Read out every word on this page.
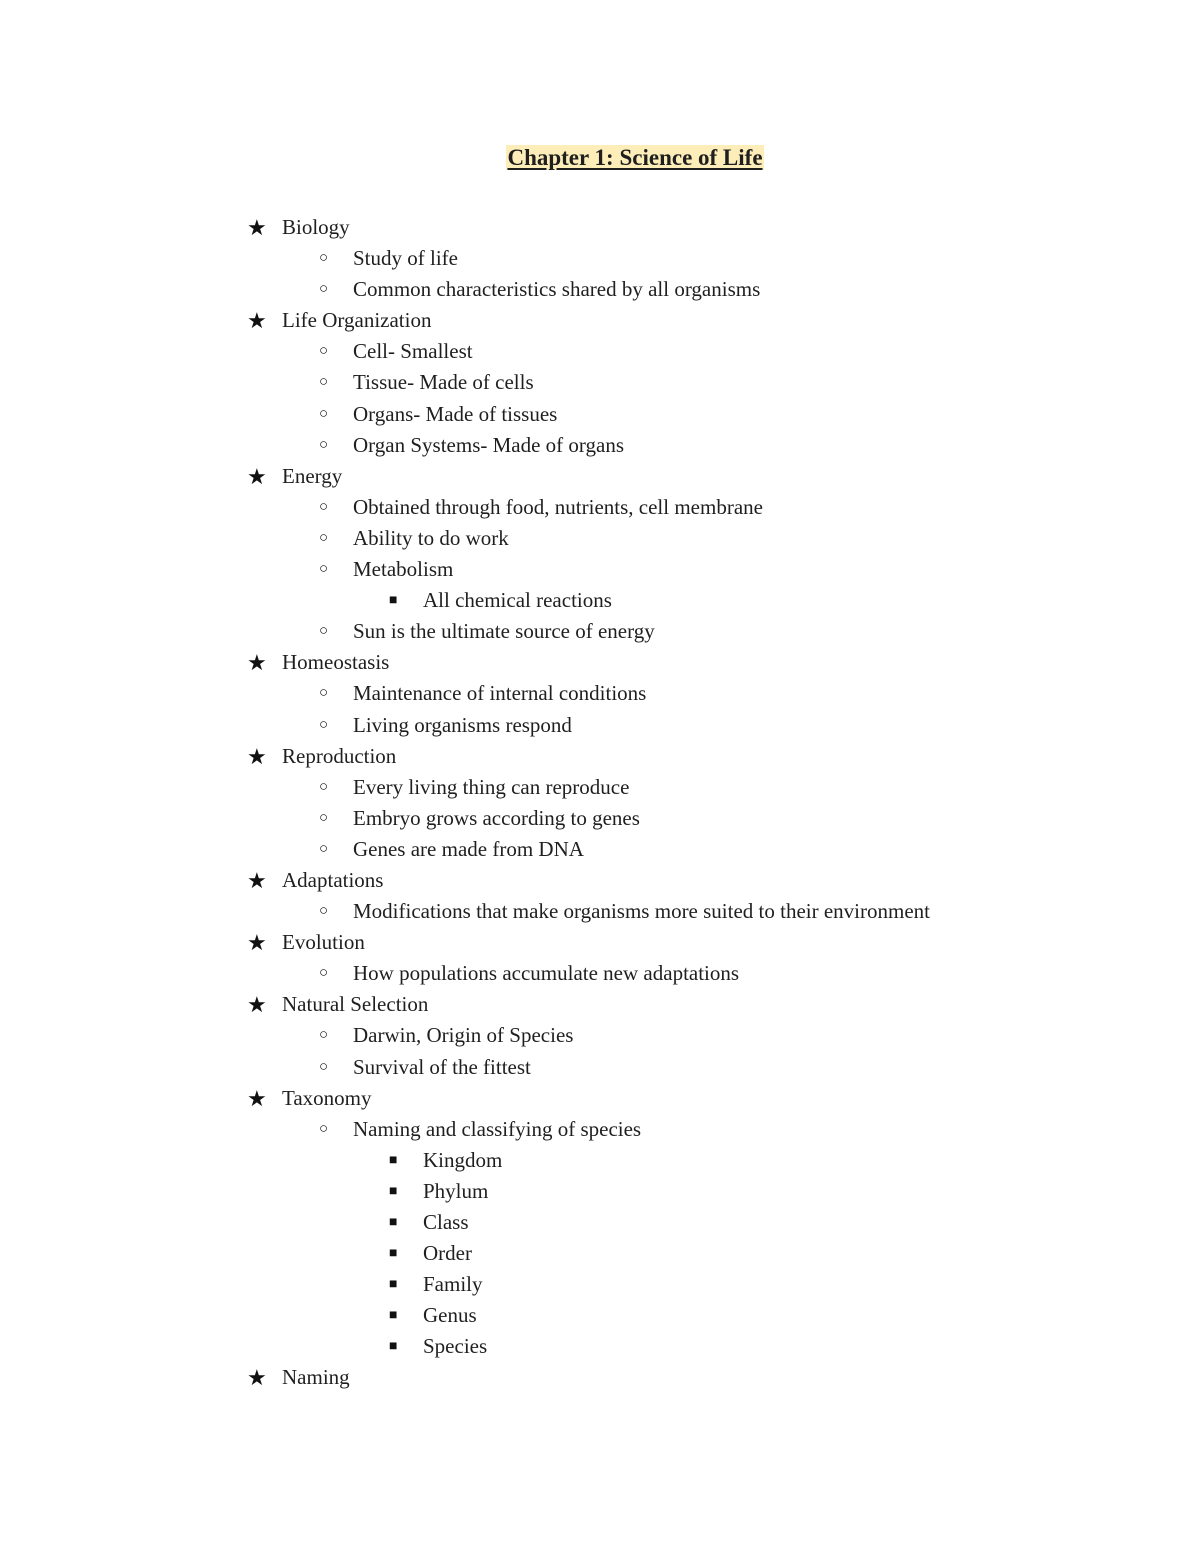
Chapter 1: Science of Life
★ Biology
○ Study of life
○ Common characteristics shared by all organisms
★ Life Organization
○ Cell- Smallest
○ Tissue- Made of cells
○ Organs- Made of tissues
○ Organ Systems- Made of organs
★ Energy
○ Obtained through food, nutrients, cell membrane
○ Ability to do work
○ Metabolism
■ All chemical reactions
○ Sun is the ultimate source of energy
★ Homeostasis
○ Maintenance of internal conditions
○ Living organisms respond
★ Reproduction
○ Every living thing can reproduce
○ Embryo grows according to genes
○ Genes are made from DNA
★ Adaptations
○ Modifications that make organisms more suited to their environment
★ Evolution
○ How populations accumulate new adaptations
★ Natural Selection
○ Darwin, Origin of Species
○ Survival of the fittest
★ Taxonomy
○ Naming and classifying of species
■ Kingdom
■ Phylum
■ Class
■ Order
■ Family
■ Genus
■ Species
★ Naming
